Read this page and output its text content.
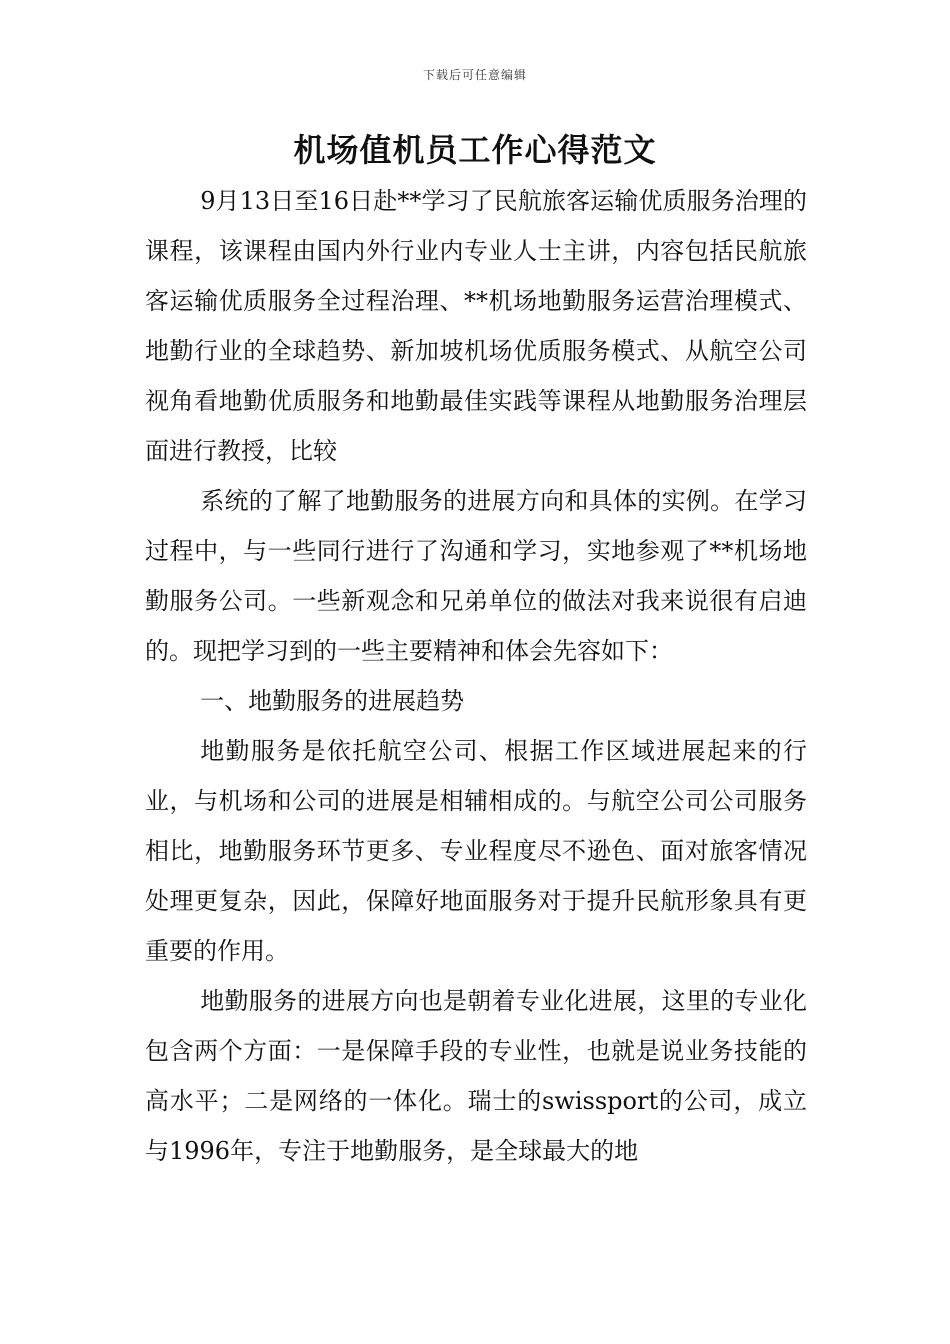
下载后可任意编辑
机场值机员工作心得范文

9月13日至16日赴**学习了民航旅客运输优质服务治理的课程，该课程由国内外行业内专业人士主讲，内容包括民航旅客运输优质服务全过程治理、**机场地勤服务运营治理模式、地勤行业的全球趋势、新加坡机场优质服务模式、从航空公司视角看地勤优质服务和地勤最佳实践等课程从地勤服务治理层面进行教授，比较

系统的了解了地勤服务的进展方向和具体的实例。在学习过程中，与一些同行进行了沟通和学习，实地参观了**机场地勤服务公司。一些新观念和兄弟单位的做法对我来说很有启迪的。现把学习到的一些主要精神和体会先容如下：

一、地勤服务的进展趋势

地勤服务是依托航空公司、根据工作区域进展起来的行业，与机场和公司的进展是相辅相成的。与航空公司公司服务相比，地勤服务环节更多、专业程度尽不逊色、面对旅客情况处理更复杂，因此，保障好地面服务对于提升民航形象具有更重要的作用。

地勤服务的进展方向也是朝着专业化进展，这里的专业化包含两个方面：一是保障手段的专业性，也就是说业务技能的高水平；二是网络的一体化。瑞士的swissport的公司，成立与1996年，专注于地勤服务，是全球最大的地
